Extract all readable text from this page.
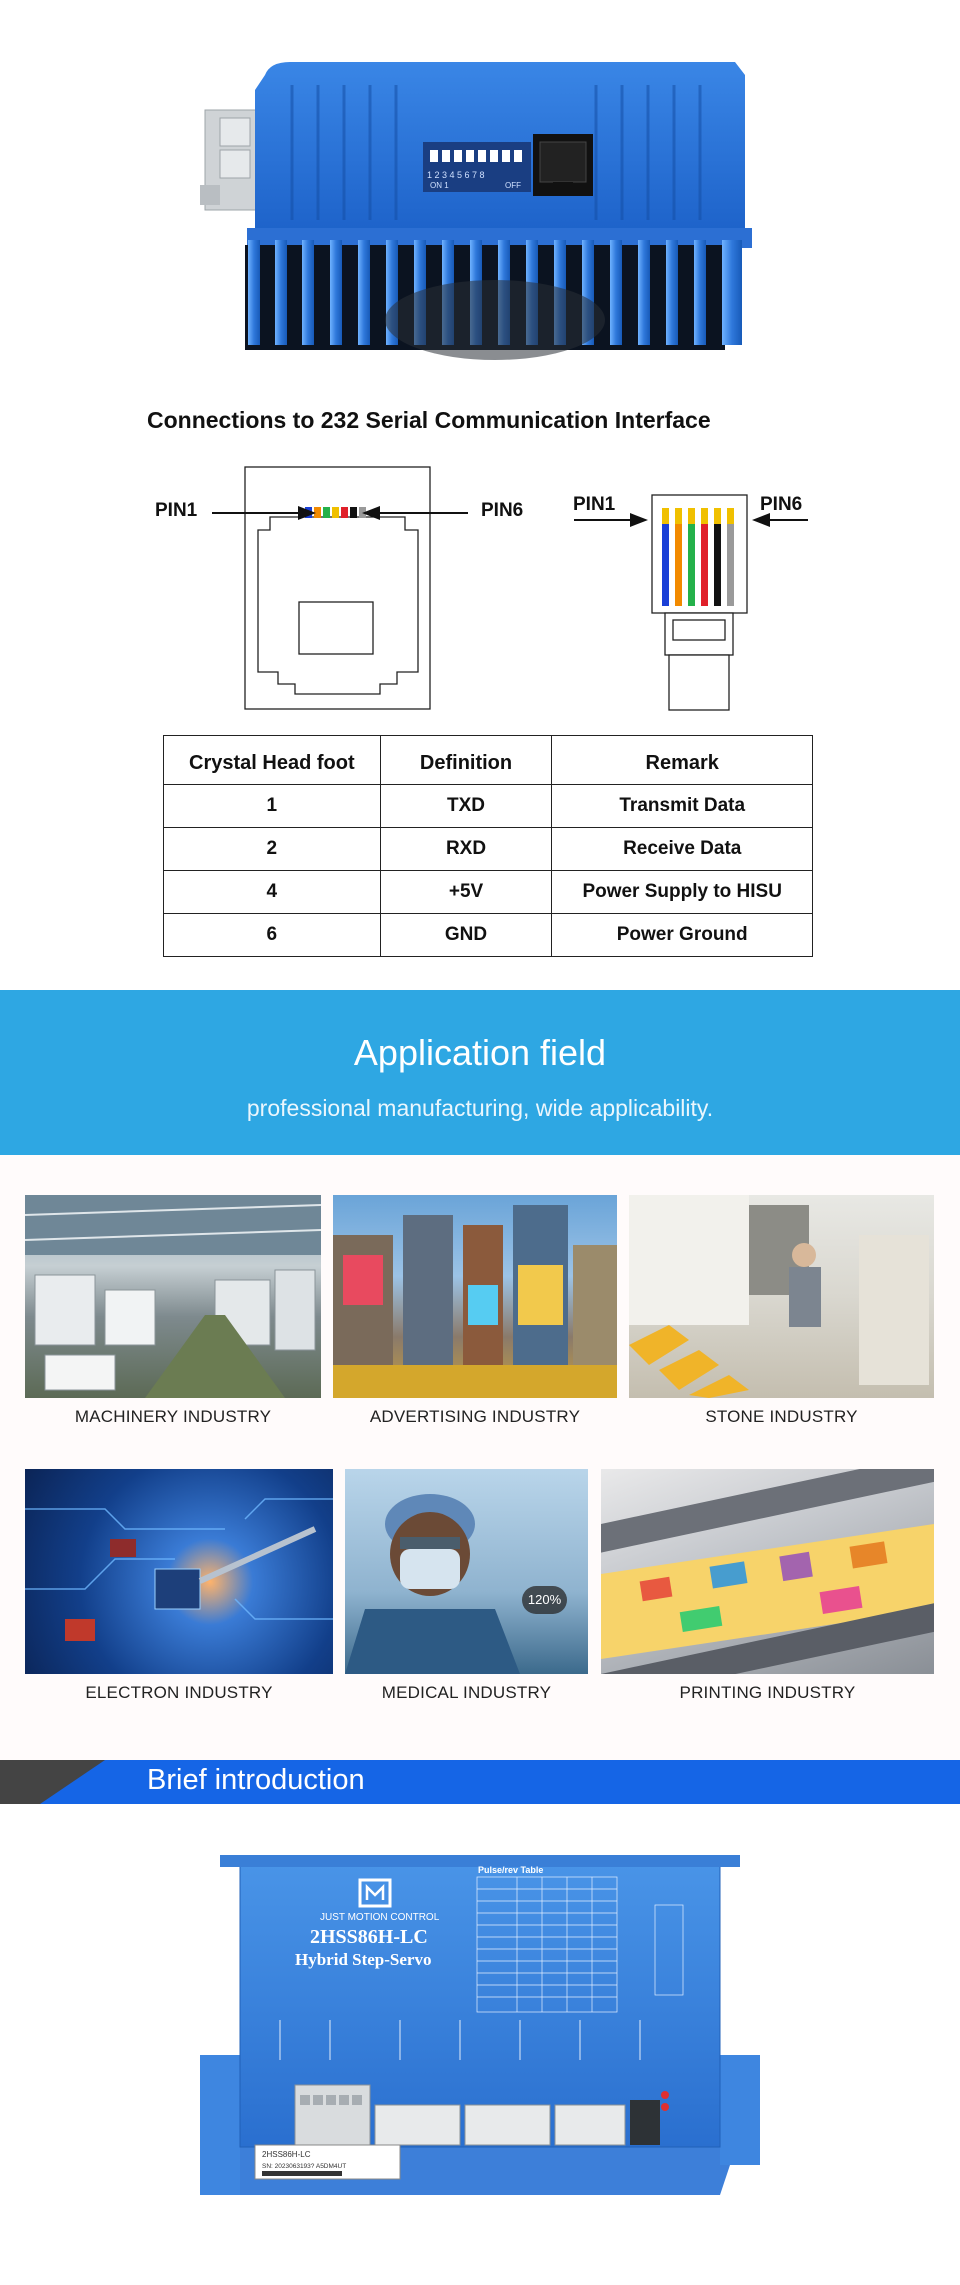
1 2 3 4 5 6 7 8
ON 1	OFF
Connections to 232 Serial Communication Interface
PIN1	PIN6	PIN1	PIN6
Crystal Head foot	Definition	Remark
1	TXD	Transmit Data
2	RXD	Receive Data
4	+5V	Power Supply to HISU
6	GND	Power Ground
Application field
professional manufacturing, wide applicability.
MACHINERY INDUSTRY	ADVERTISING INDUSTRY	STONE INDUSTRY
ELECTRON INDUSTRY
120%
MEDICAL INDUSTRY	PRINTING INDUSTRY
Brief introduction
JUST MOTION CONTROL
2HSS86H-LC
Hybrid Step-Servo
Pulse/rev Table
2HSS86H-LC
SN: 2023063193? A5DM4UT
